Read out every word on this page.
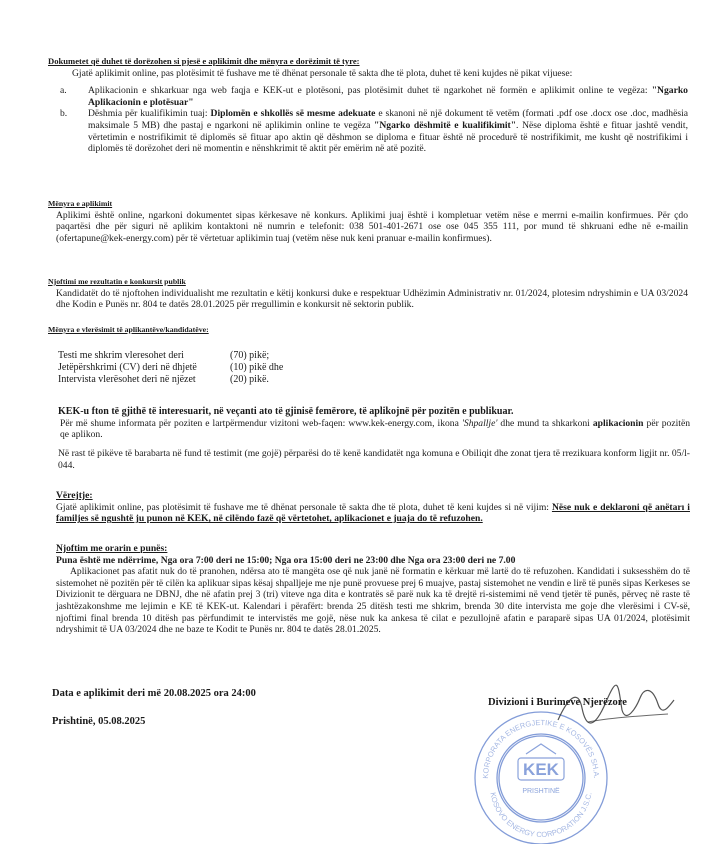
Dokumetet që duhet të dorëzohen si pjesë e aplikimit dhe mënyra e dorëzimit të tyre:
Gjatë aplikimit online, pas plotësimit të fushave me të dhënat personale të sakta dhe të plota, duhet të keni kujdes në pikat vijuese:
a. Aplikacionin e shkarkuar nga web faqja e KEK-ut e plotësoni, pas plotësimit duhet të ngarkohet në formën e aplikimit online te vegëza: "Ngarko Aplikacionin e plotësuar"
b. Dëshmia për kualifikimin tuaj: Diplomën e shkollës së mesme adekuate e skanoni në një dokument të vetëm (formati .pdf ose .docx ose .doc, madhësia maksimale 5 MB) dhe pastaj e ngarkoni në aplikimin online te vegëza "Ngarko dëshmitë e kualifikimit". Nëse diploma është e fituar jashtë vendit, vërtetimin e nostrifikimit të diplomës së fituar apo aktin që dëshmon se diploma e fituar është në procedurë të nostrifikimit, me kusht që nostrifikimi i diplomës të dorëzohet deri në momentin e nënshkrimit të aktit për emërim në atë pozitë.
Mënyra e aplikimit
Aplikimi është online, ngarkoni dokumentet sipas kërkesave në konkurs. Aplikimi juaj është i kompletuar vetëm nëse e merrni e-mailin konfirmues. Për çdo paqartësi dhe për siguri në aplikim kontaktoni në numrin e telefonit: 038 501-401-2671 ose ose 045 355 111, por mund të shkruani edhe në e-mailin (ofertapune@kek-energy.com) për të vërtetuar aplikimin tuaj (vetëm nëse nuk keni pranuar e-mailin konfirmues).
Njoftimi me rezultatin e konkursit publik
Kandidatët do të njoftohen individualisht me rezultatin e këtij konkursi duke e respektuar Udhëzimin Administrativ nr. 01/2024, plotesim ndryshimin e UA 03/2024 dhe Kodin e Punës nr. 804 te datës 28.01.2025 për rregullimin e konkursit në sektorin publik.
Mënyra e vlerësimit të aplikantëve/kandidatëve:
Testi me shkrim vleresohet deri	(70) pikë;
Jetëpërshkrimi (CV) deri në dhjetë	(10) pikë dhe
Intervista vlerësohet deri në njëzet	(20) pikë.
KEK-u fton të gjithë të interesuarit, në veçanti ato të gjinisë femërore, të aplikojnë për pozitën e publikuar.
Për më shume informata për poziten e lartpërmendur vizitoni web-faqen: www.kek-energy.com, ikona 'Shpallje' dhe mund ta shkarkoni aplikacionin për pozitën qe aplikon.
Në rast të pikëve të barabarta në fund të testimit (me gojë) përparësi do të kenë kandidatët nga komuna e Obiliqit dhe zonat tjera të rrezikuara konform ligjit nr. 05/l-044.
Vërejtje:
Gjatë aplikimit online, pas plotësimit të fushave me të dhënat personale të sakta dhe të plota, duhet të keni kujdes si në vijim: Nëse nuk e deklaroni që anëtarı i familjes së ngushtë ju punon në KEK, në cilëndo fazë që vërtetohet, aplikacionet e juaja do të refuzohen.
Njoftim me orarin e punës:
Puna është me ndërrime, Nga ora 7:00 deri ne 15:00; Nga ora 15:00 deri ne 23:00 dhe Nga ora 23:00 deri ne 7.00
Aplikacionet pas afatit nuk do të pranohen, ndërsa ato të mangëta ose që nuk janë në formatin e kërkuar më lartë do të refuzohen. Kandidati i suksesshëm do të sistemohet në pozitën për të cilën ka aplikuar sipas kësaj shpalljeje me nje punë provuese prej 6 muajve, pastaj sistemohet ne vendin e lirë të punës sipas Kerkeses se Divizionit te dërguara ne DBNJ, dhe në afatin prej 3 (tri) viteve nga dita e kontratës së parë nuk ka të drejtë ri-sistemimi në vend tjetër të punës, përveç në raste të jashtëzakonshme me lejimin e KE të KEK-ut. Kalendari i përafërt: brenda 25 ditësh testi me shkrim, brenda 30 dite intervista me goje dhe vlerësimi i CV-së, njoftimi final brenda 10 ditësh pas përfundimit te intervistës me gojë, nëse nuk ka ankesa të cilat e pezullojnë afatin e paraparë sipas UA 01/2024, plotësimit ndryshimit të UA 03/2024 dhe ne baze te Kodit te Punës nr. 804 te datës 28.01.2025.
Data e aplikimit deri më 20.08.2025 ora 24:00
Prishtinë, 05.08.2025
Divizioni i Burimeve Njerëzore
KORPORATA ENERGJETIKE E KOSOVËS SH.A.
KOSOVO ENERGY CORPORATION J.S.C.
KEK
PRISHTINË
